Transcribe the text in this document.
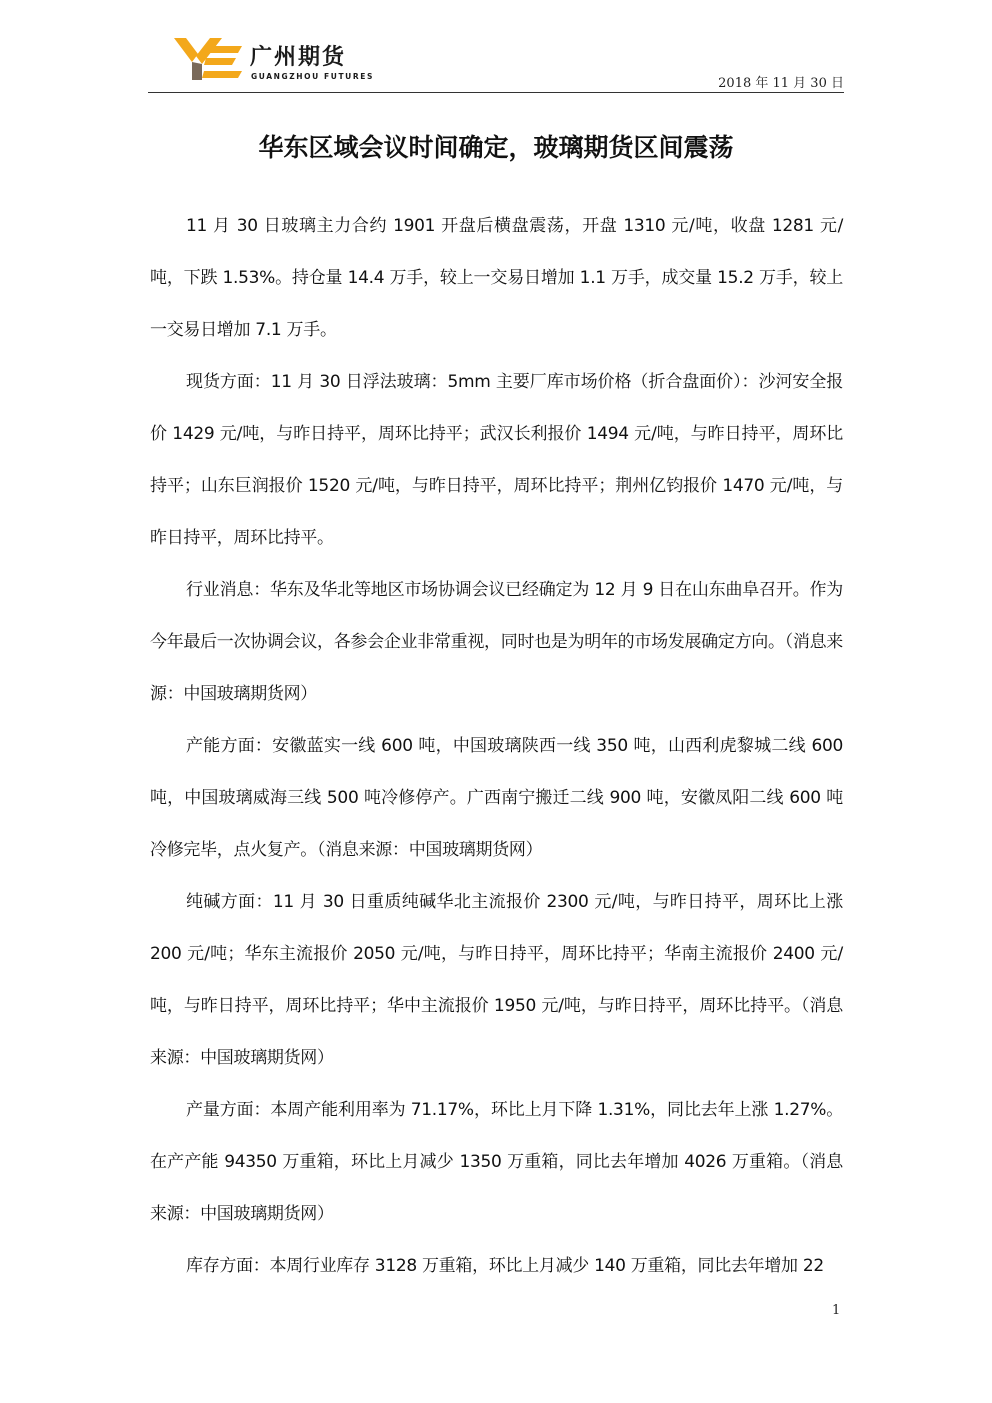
广州期货
GUANGZHOU FUTURES	2018 年 11 月 30 日
华东区域会议时间确定，玻璃期货区间震荡

11 月 30 日玻璃主力合约 1901 开盘后横盘震荡，开盘 1310 元/吨，收盘 1281 元/吨，下跌 1.53%。持仓量 14.4 万手，较上一交易日增加 1.1 万手，成交量 15.2 万手，较上一交易日增加 7.1 万手。

现货方面：11 月 30 日浮法玻璃：5mm 主要厂库市场价格（折合盘面价）：沙河安全报价 1429 元/吨，与昨日持平，周环比持平；武汉长利报价 1494 元/吨，与昨日持平，周环比持平；山东巨润报价 1520 元/吨，与昨日持平，周环比持平；荆州亿钧报价 1470 元/吨，与昨日持平，周环比持平。

行业消息：华东及华北等地区市场协调会议已经确定为 12 月 9 日在山东曲阜召开。作为今年最后一次协调会议，各参会企业非常重视，同时也是为明年的市场发展确定方向。（消息来源：中国玻璃期货网）

产能方面：安徽蓝实一线 600 吨，中国玻璃陕西一线 350 吨，山西利虎黎城二线 600 吨，中国玻璃威海三线 500 吨冷修停产。广西南宁搬迁二线 900 吨，安徽凤阳二线 600 吨冷修完毕，点火复产。（消息来源：中国玻璃期货网）

纯碱方面：11 月 30 日重质纯碱华北主流报价 2300 元/吨，与昨日持平，周环比上涨 200 元/吨；华东主流报价 2050 元/吨，与昨日持平，周环比持平；华南主流报价 2400 元/吨，与昨日持平，周环比持平；华中主流报价 1950 元/吨，与昨日持平，周环比持平。（消息来源：中国玻璃期货网）

产量方面：本周产能利用率为 71.17%，环比上月下降 1.31%，同比去年上涨 1.27%。在产产能 94350 万重箱，环比上月减少 1350 万重箱，同比去年增加 4026 万重箱。（消息来源：中国玻璃期货网）

库存方面：本周行业库存 3128 万重箱，环比上月减少 140 万重箱，同比去年增加 22

1
